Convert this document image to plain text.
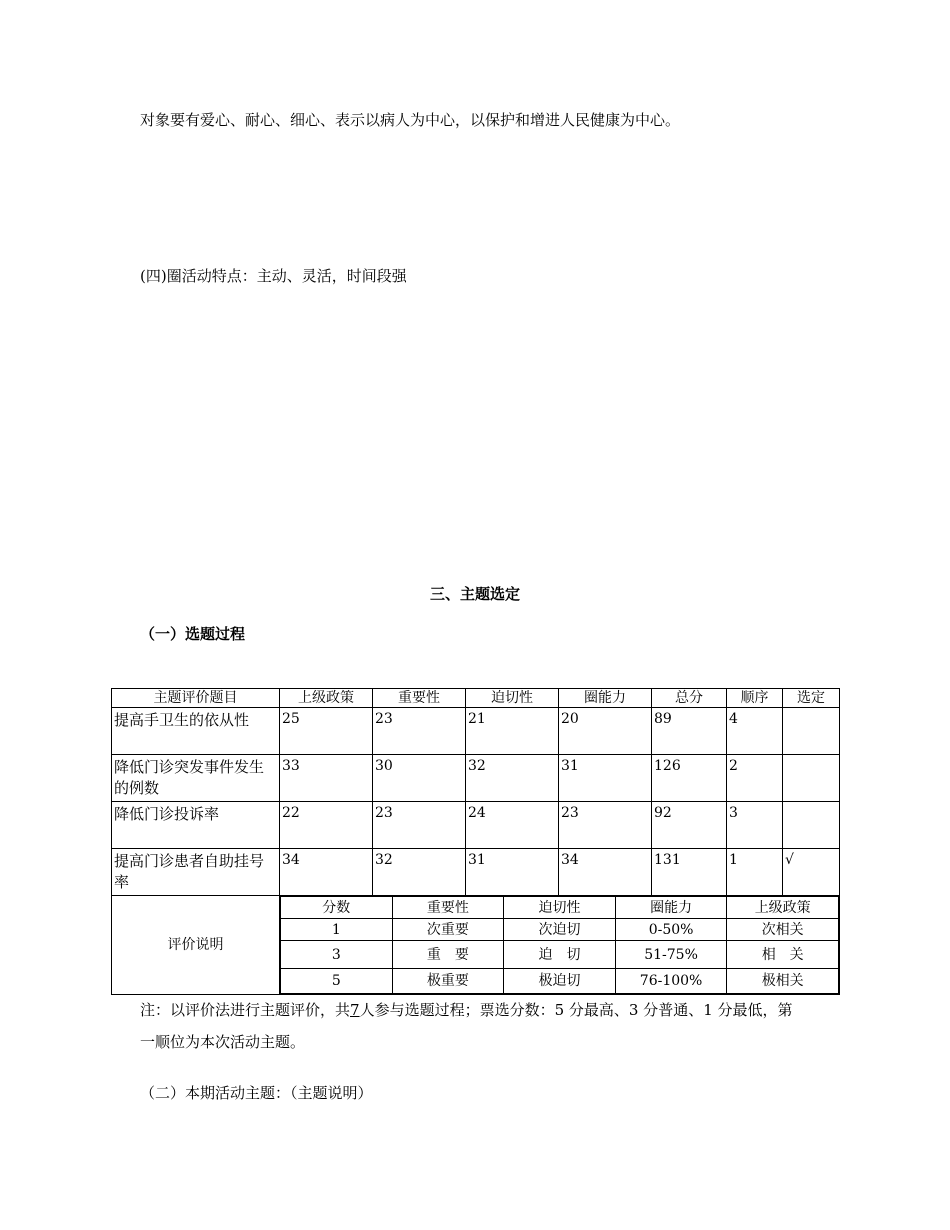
对象要有爱心、耐心、细心、表示以病人为中心，以保护和增进人民健康为中心。
(四)圈活动特点：主动、灵活，时间段强
三、主题选定
（一）选题过程
主题评价题目	上级政策	重要性	迫切性	圈能力	总分	顺序	选定
提高手卫生的依从性	25	23	21	20	89	4	
降低门诊突发事件发生的例数	33	30	32	31	126	2	
降低门诊投诉率	22	23	24	23	92	3	
提高门诊患者自助挂号率	34	32	31	34	131	1	√
评价说明	
分数	重要性	迫切性	圈能力	上级政策
1	次重要	次迫切	0-50%	次相关
3	重　要	迫　切	51-75%	相　关
5	极重要	极迫切	76-100%	极相关
注：以评价法进行主题评价，共7人参与选题过程；票选分数：5 分最高、3 分普通、1 分最低，第
一顺位为本次活动主题。
（二）本期活动主题：（主题说明）
